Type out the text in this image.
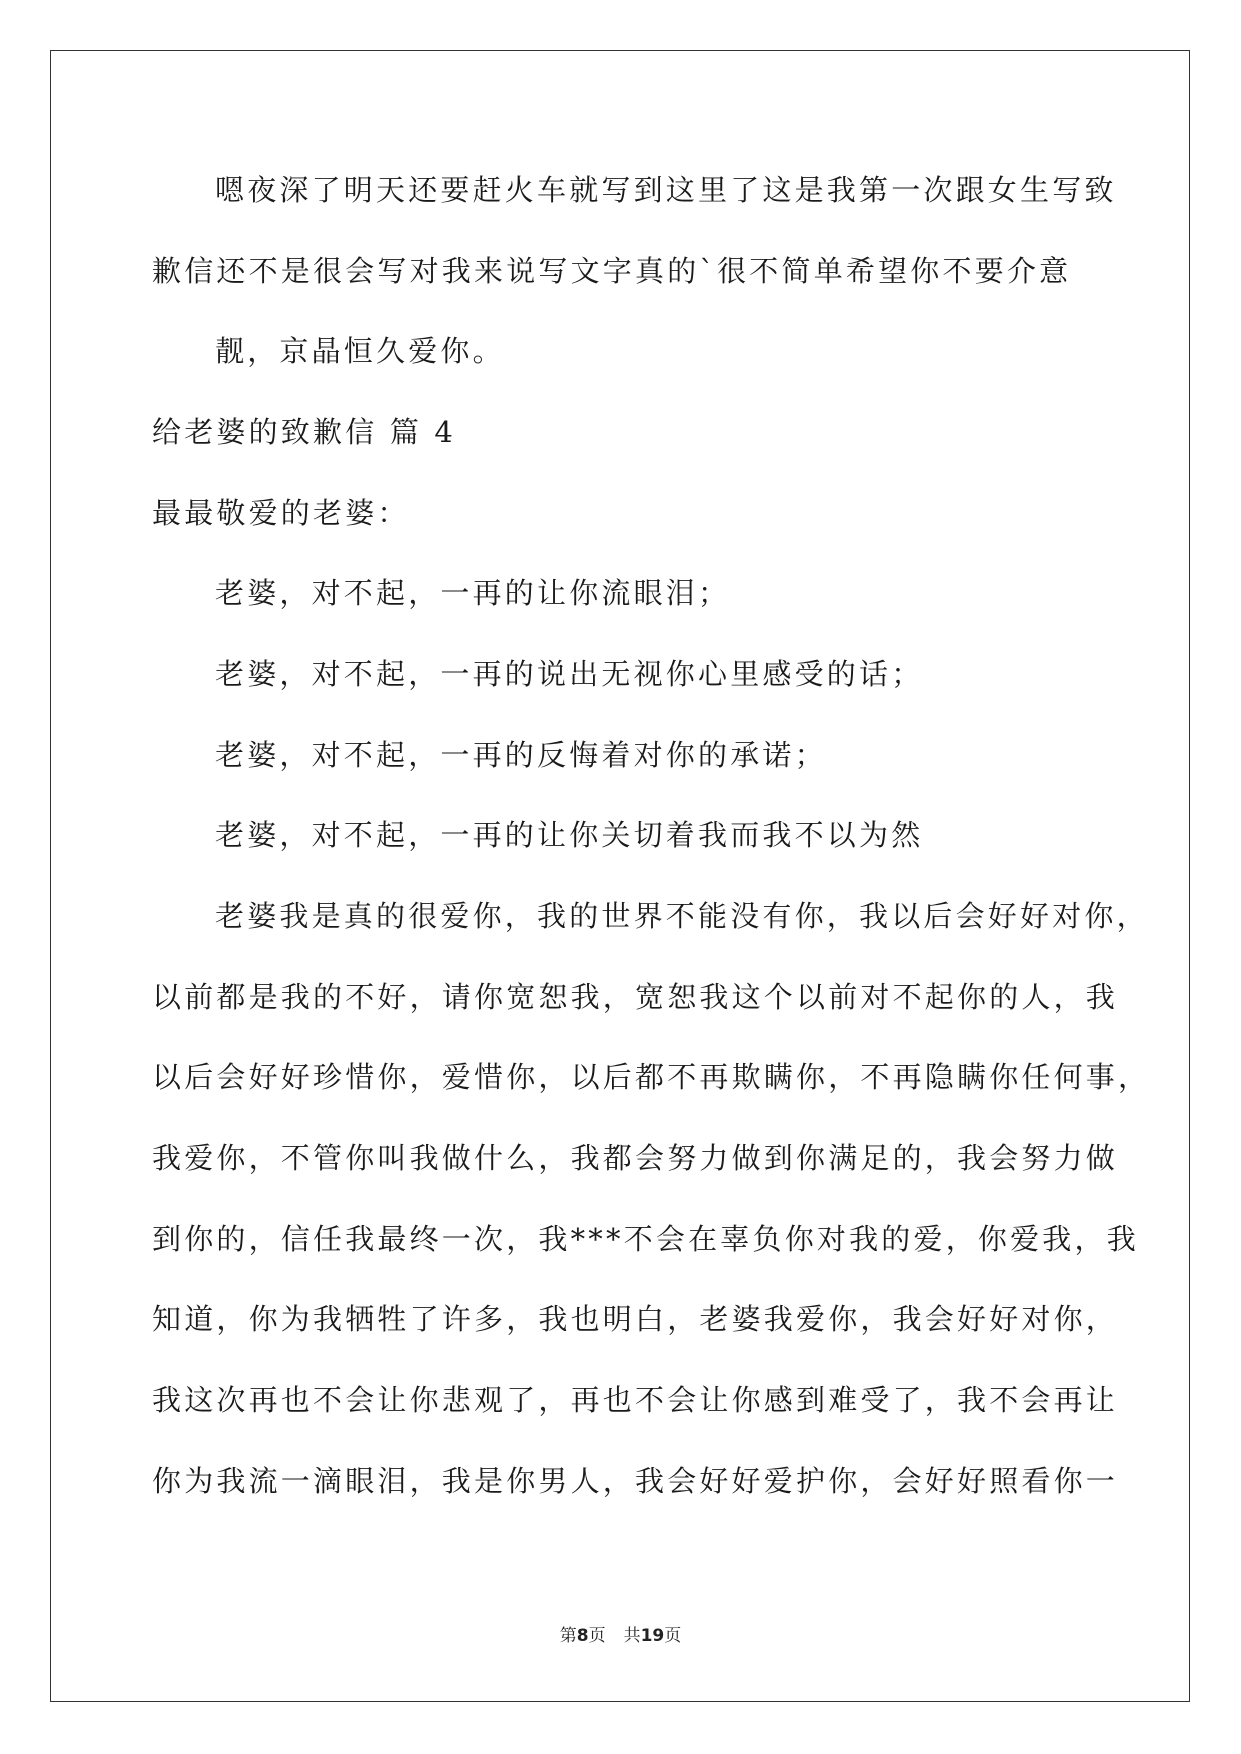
嗯夜深了明天还要赶火车就写到这里了这是我第一次跟女生写致
歉信还不是很会写对我来说写文字真的`很不简单希望你不要介意
靓，京晶恒久爱你。
给老婆的致歉信 篇 4
最最敬爱的老婆：
老婆，对不起，一再的让你流眼泪；
老婆，对不起，一再的说出无视你心里感受的话；
老婆，对不起，一再的反悔着对你的承诺；
老婆，对不起，一再的让你关切着我而我不以为然
老婆我是真的很爱你，我的世界不能没有你，我以后会好好对你，
以前都是我的不好，请你宽恕我，宽恕我这个以前对不起你的人，我
以后会好好珍惜你，爱惜你，以后都不再欺瞒你，不再隐瞒你任何事，
我爱你，不管你叫我做什么，我都会努力做到你满足的，我会努力做
到你的，信任我最终一次，我***不会在辜负你对我的爱，你爱我，我
知道，你为我牺牲了许多，我也明白，老婆我爱你，我会好好对你，
我这次再也不会让你悲观了，再也不会让你感到难受了，我不会再让
你为我流一滴眼泪，我是你男人，我会好好爱护你，会好好照看你一
第8页 共19页
